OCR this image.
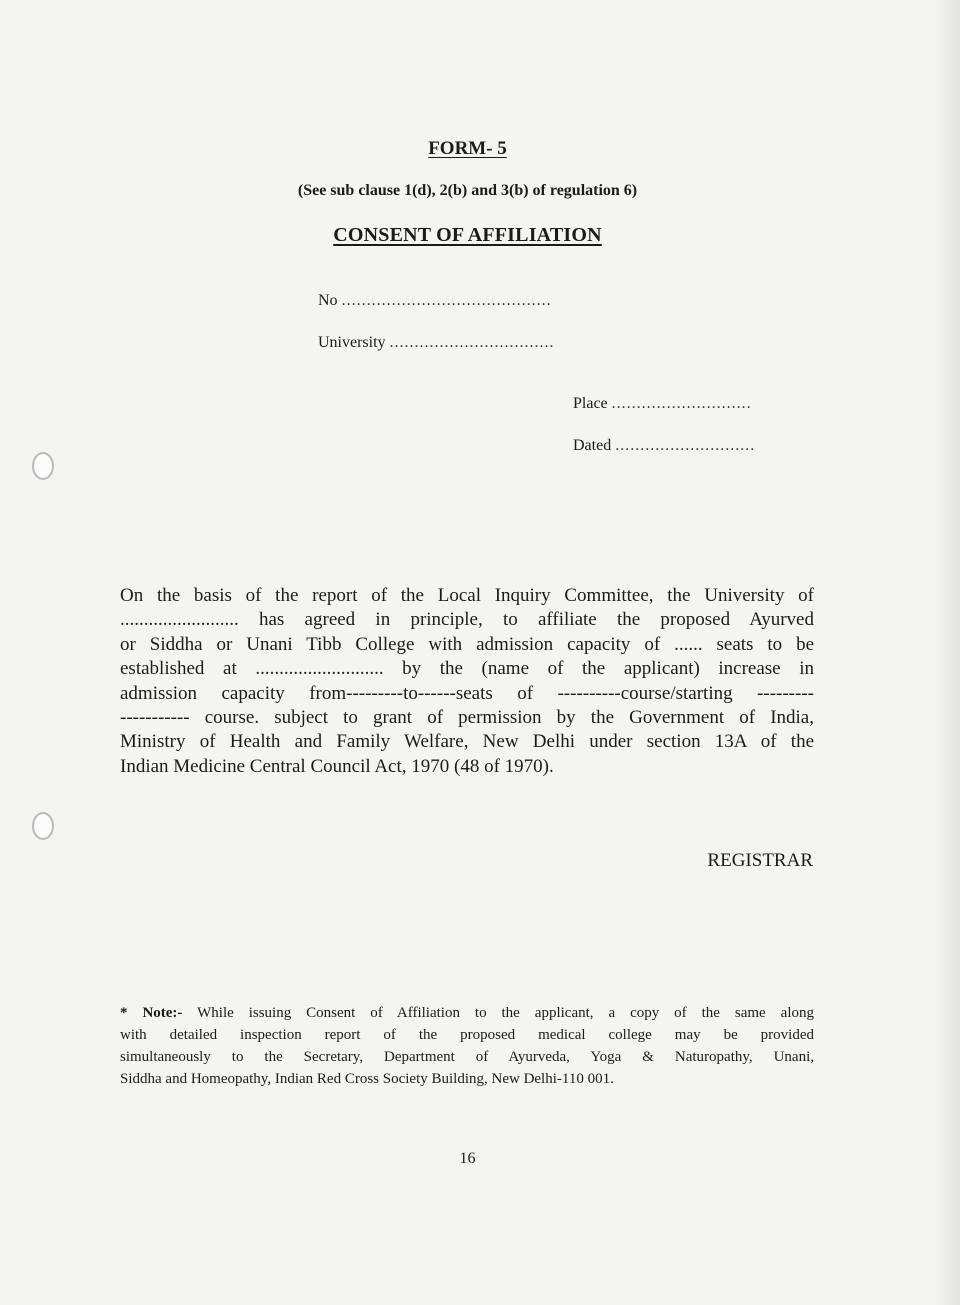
FORM- 5
(See sub clause 1(d), 2(b) and 3(b) of regulation 6)
CONSENT OF AFFILIATION
No ..........................................
University .................................
Place ............................
Dated ............................
On the basis of the report of the Local Inquiry Committee, the University of
......................... has agreed in principle, to affiliate the proposed Ayurved
or Siddha or Unani Tibb College with admission capacity of ...... seats to be
established at ........................... by the (name of the applicant) increase in
admission capacity from---------to------seats of ----------course/starting ---------
----------- course. subject to grant of permission by the Government of India,
Ministry of Health and Family Welfare, New Delhi under section 13A of the
Indian Medicine Central Council Act, 1970 (48 of 1970).
REGISTRAR
* Note:- While issuing Consent of Affiliation to the applicant, a copy of the same along
with detailed inspection report of the proposed medical college may be provided
simultaneously to the Secretary, Department of Ayurveda, Yoga & Naturopathy, Unani,
Siddha and Homeopathy, Indian Red Cross Society Building, New Delhi-110 001.
16
